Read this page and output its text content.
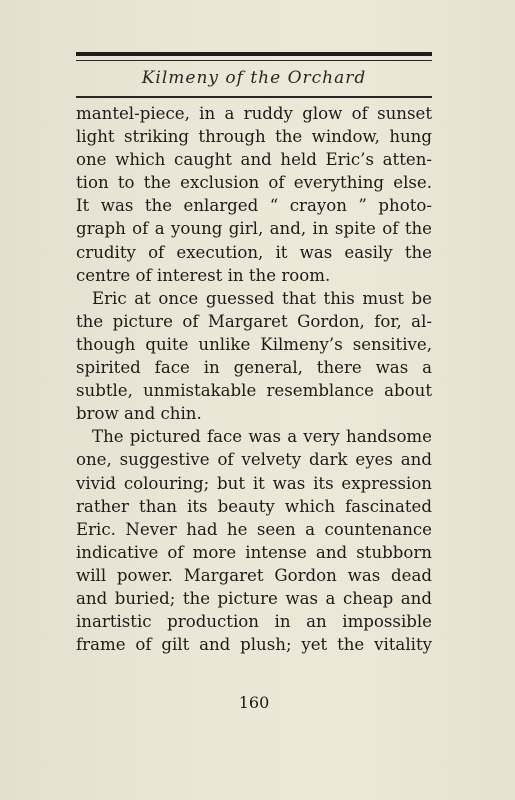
Kilmeny of the Orchard
mantel-piece, in a ruddy glow of sunset
light striking through the window, hung
one which caught and held Eric’s atten-
tion to the exclusion of everything else.
It was the enlarged “ crayon ” photo-
graph of a young girl, and, in spite of the
crudity of execution, it was easily the
centre of interest in the room.
Eric at once guessed that this must be
the picture of Margaret Gordon, for, al-
though quite unlike Kilmeny’s sensitive,
spirited face in general, there was a
subtle, unmistakable resemblance about
brow and chin.
The pictured face was a very handsome
one, suggestive of velvety dark eyes and
vivid colouring; but it was its expression
rather than its beauty which fascinated
Eric. Never had he seen a countenance
indicative of more intense and stubborn
will power. Margaret Gordon was dead
and buried; the picture was a cheap and
inartistic production in an impossible
frame of gilt and plush; yet the vitality
160
